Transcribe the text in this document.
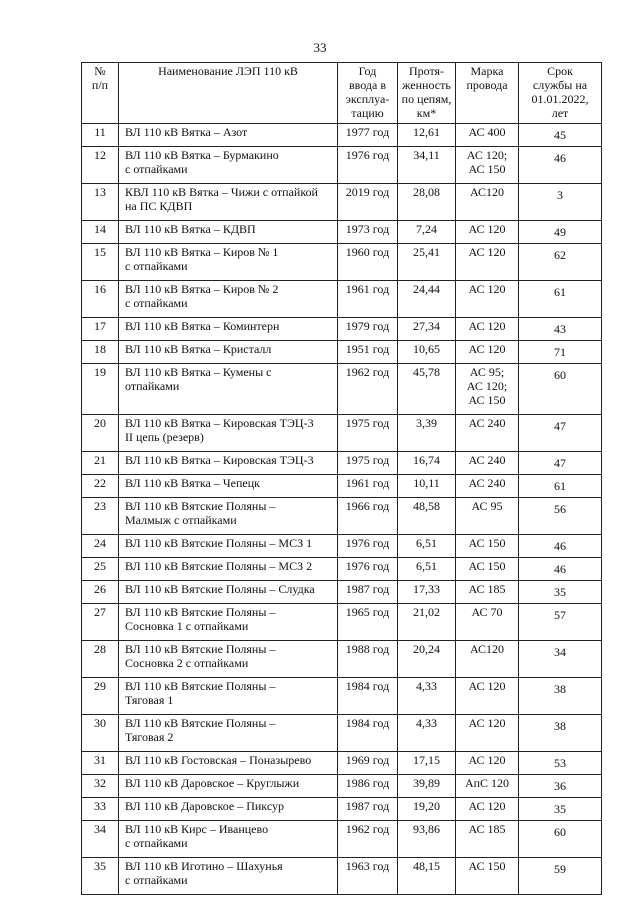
33
№
п/п	Наименование ЛЭП 110 кВ	Год
ввода в
эксплуа-
тацию	Протя-
женность
по цепям,
км*	Марка
провода	Срок
службы на
01.01.2022,
лет

11	ВЛ 110 кВ Вятка – Азот	1977 год	12,61	АС 400	45
12	ВЛ 110 кВ Вятка – Бурмакино
с отпайками	1976 год	34,11	АС 120;
АС 150	46
13	КВЛ 110 кВ Вятка – Чижи с отпайкой
на ПС КДВП	2019 год	28,08	АС120	3
14	ВЛ 110 кВ Вятка – КДВП	1973 год	7,24	АС 120	49
15	ВЛ 110 кВ Вятка – Киров № 1
с отпайками	1960 год	25,41	АС 120	62
16	ВЛ 110 кВ Вятка – Киров № 2
с отпайками	1961 год	24,44	АС 120	61
17	ВЛ 110 кВ Вятка – Коминтерн	1979 год	27,34	АС 120	43
18	ВЛ 110 кВ Вятка – Кристалл	1951 год	10,65	АС 120	71
19	ВЛ 110 кВ Вятка – Кумены с
отпайками	1962 год	45,78	АС 95;
АС 120;
АС 150	60
20	ВЛ 110 кВ Вятка – Кировская ТЭЦ-3
II цепь (резерв)	1975 год	3,39	АС 240	47
21	ВЛ 110 кВ Вятка – Кировская ТЭЦ-3	1975 год	16,74	АС 240	47
22	ВЛ 110 кВ Вятка – Чепецк	1961 год	10,11	АС 240	61
23	ВЛ 110 кВ Вятские Поляны –
Малмыж с отпайками	1966 год	48,58	АС 95	56
24	ВЛ 110 кВ Вятские Поляны – МСЗ 1	1976 год	6,51	АС 150	46
25	ВЛ 110 кВ Вятские Поляны – МСЗ 2	1976 год	6,51	АС 150	46
26	ВЛ 110 кВ Вятские Поляны – Слудка	1987 год	17,33	АС 185	35
27	ВЛ 110 кВ Вятские Поляны –
Сосновка 1 с отпайками	1965 год	21,02	АС 70	57
28	ВЛ 110 кВ Вятские Поляны –
Сосновка 2 с отпайками	1988 год	20,24	АС120	34
29	ВЛ 110 кВ Вятские Поляны –
Тяговая 1	1984 год	4,33	АС 120	38
30	ВЛ 110 кВ Вятские Поляны –
Тяговая 2	1984 год	4,33	АС 120	38
31	ВЛ 110 кВ Гостовская – Поназырево	1969 год	17,15	АС 120	53
32	ВЛ 110 кВ Даровское – Круглыжи	1986 год	39,89	АпС 120	36
33	ВЛ 110 кВ Даровское – Пиксур	1987 год	19,20	АС 120	35
34	ВЛ 110 кВ Кирс – Иванцево
с отпайками	1962 год	93,86	АС 185	60
35	ВЛ 110 кВ Иготино – Шахунья
с отпайками	1963 год	48,15	АС 150	59
